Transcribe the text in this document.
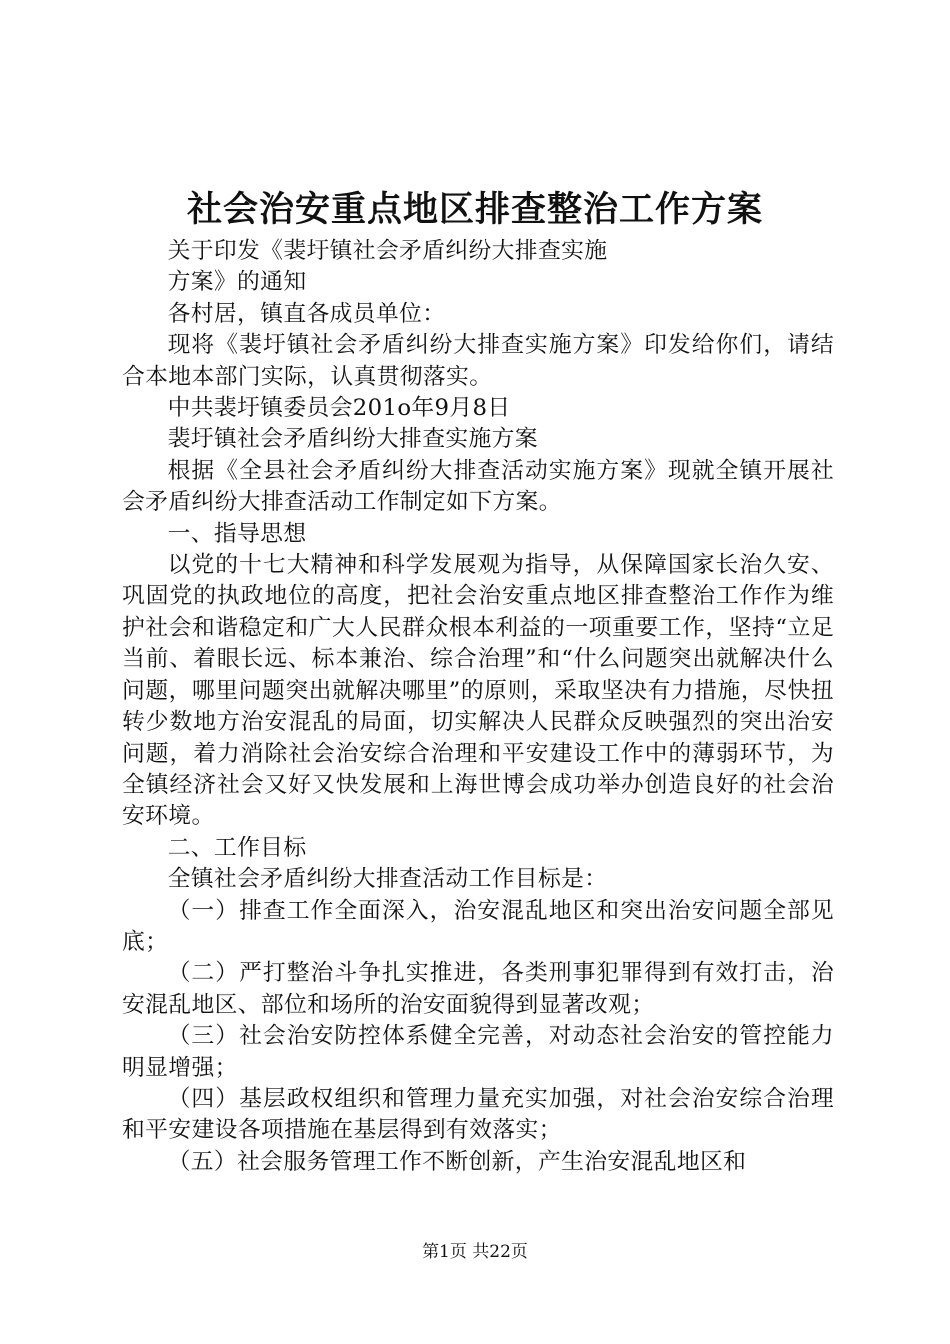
社会治安重点地区排查整治工作方案

关于印发《裴圩镇社会矛盾纠纷大排查实施

方案》的通知

各村居，镇直各成员单位：

现将《裴圩镇社会矛盾纠纷大排查实施方案》印发给你们，请结合本地本部门实际，认真贯彻落实。

中共裴圩镇委员会201o年9月8日

裴圩镇社会矛盾纠纷大排查实施方案

根据《全县社会矛盾纠纷大排查活动实施方案》现就全镇开展社会矛盾纠纷大排查活动工作制定如下方案。

一、指导思想

以党的十七大精神和科学发展观为指导，从保障国家长治久安、巩固党的执政地位的高度，把社会治安重点地区排查整治工作作为维护社会和谐稳定和广大人民群众根本利益的一项重要工作，坚持“立足当前、着眼长远、标本兼治、综合治理”和“什么问题突出就解决什么问题，哪里问题突出就解决哪里”的原则，采取坚决有力措施，尽快扭转少数地方治安混乱的局面，切实解决人民群众反映强烈的突出治安问题，着力消除社会治安综合治理和平安建设工作中的薄弱环节，为全镇经济社会又好又快发展和上海世博会成功举办创造良好的社会治安环境。

二、工作目标

全镇社会矛盾纠纷大排查活动工作目标是：

（一）排查工作全面深入，治安混乱地区和突出治安问题全部见底；

（二）严打整治斗争扎实推进，各类刑事犯罪得到有效打击，治安混乱地区、部位和场所的治安面貌得到显著改观；

（三）社会治安防控体系健全完善，对动态社会治安的管控能力明显增强；

（四）基层政权组织和管理力量充实加强，对社会治安综合治理和平安建设各项措施在基层得到有效落实；

（五）社会服务管理工作不断创新，产生治安混乱地区和

第1页 共22页
